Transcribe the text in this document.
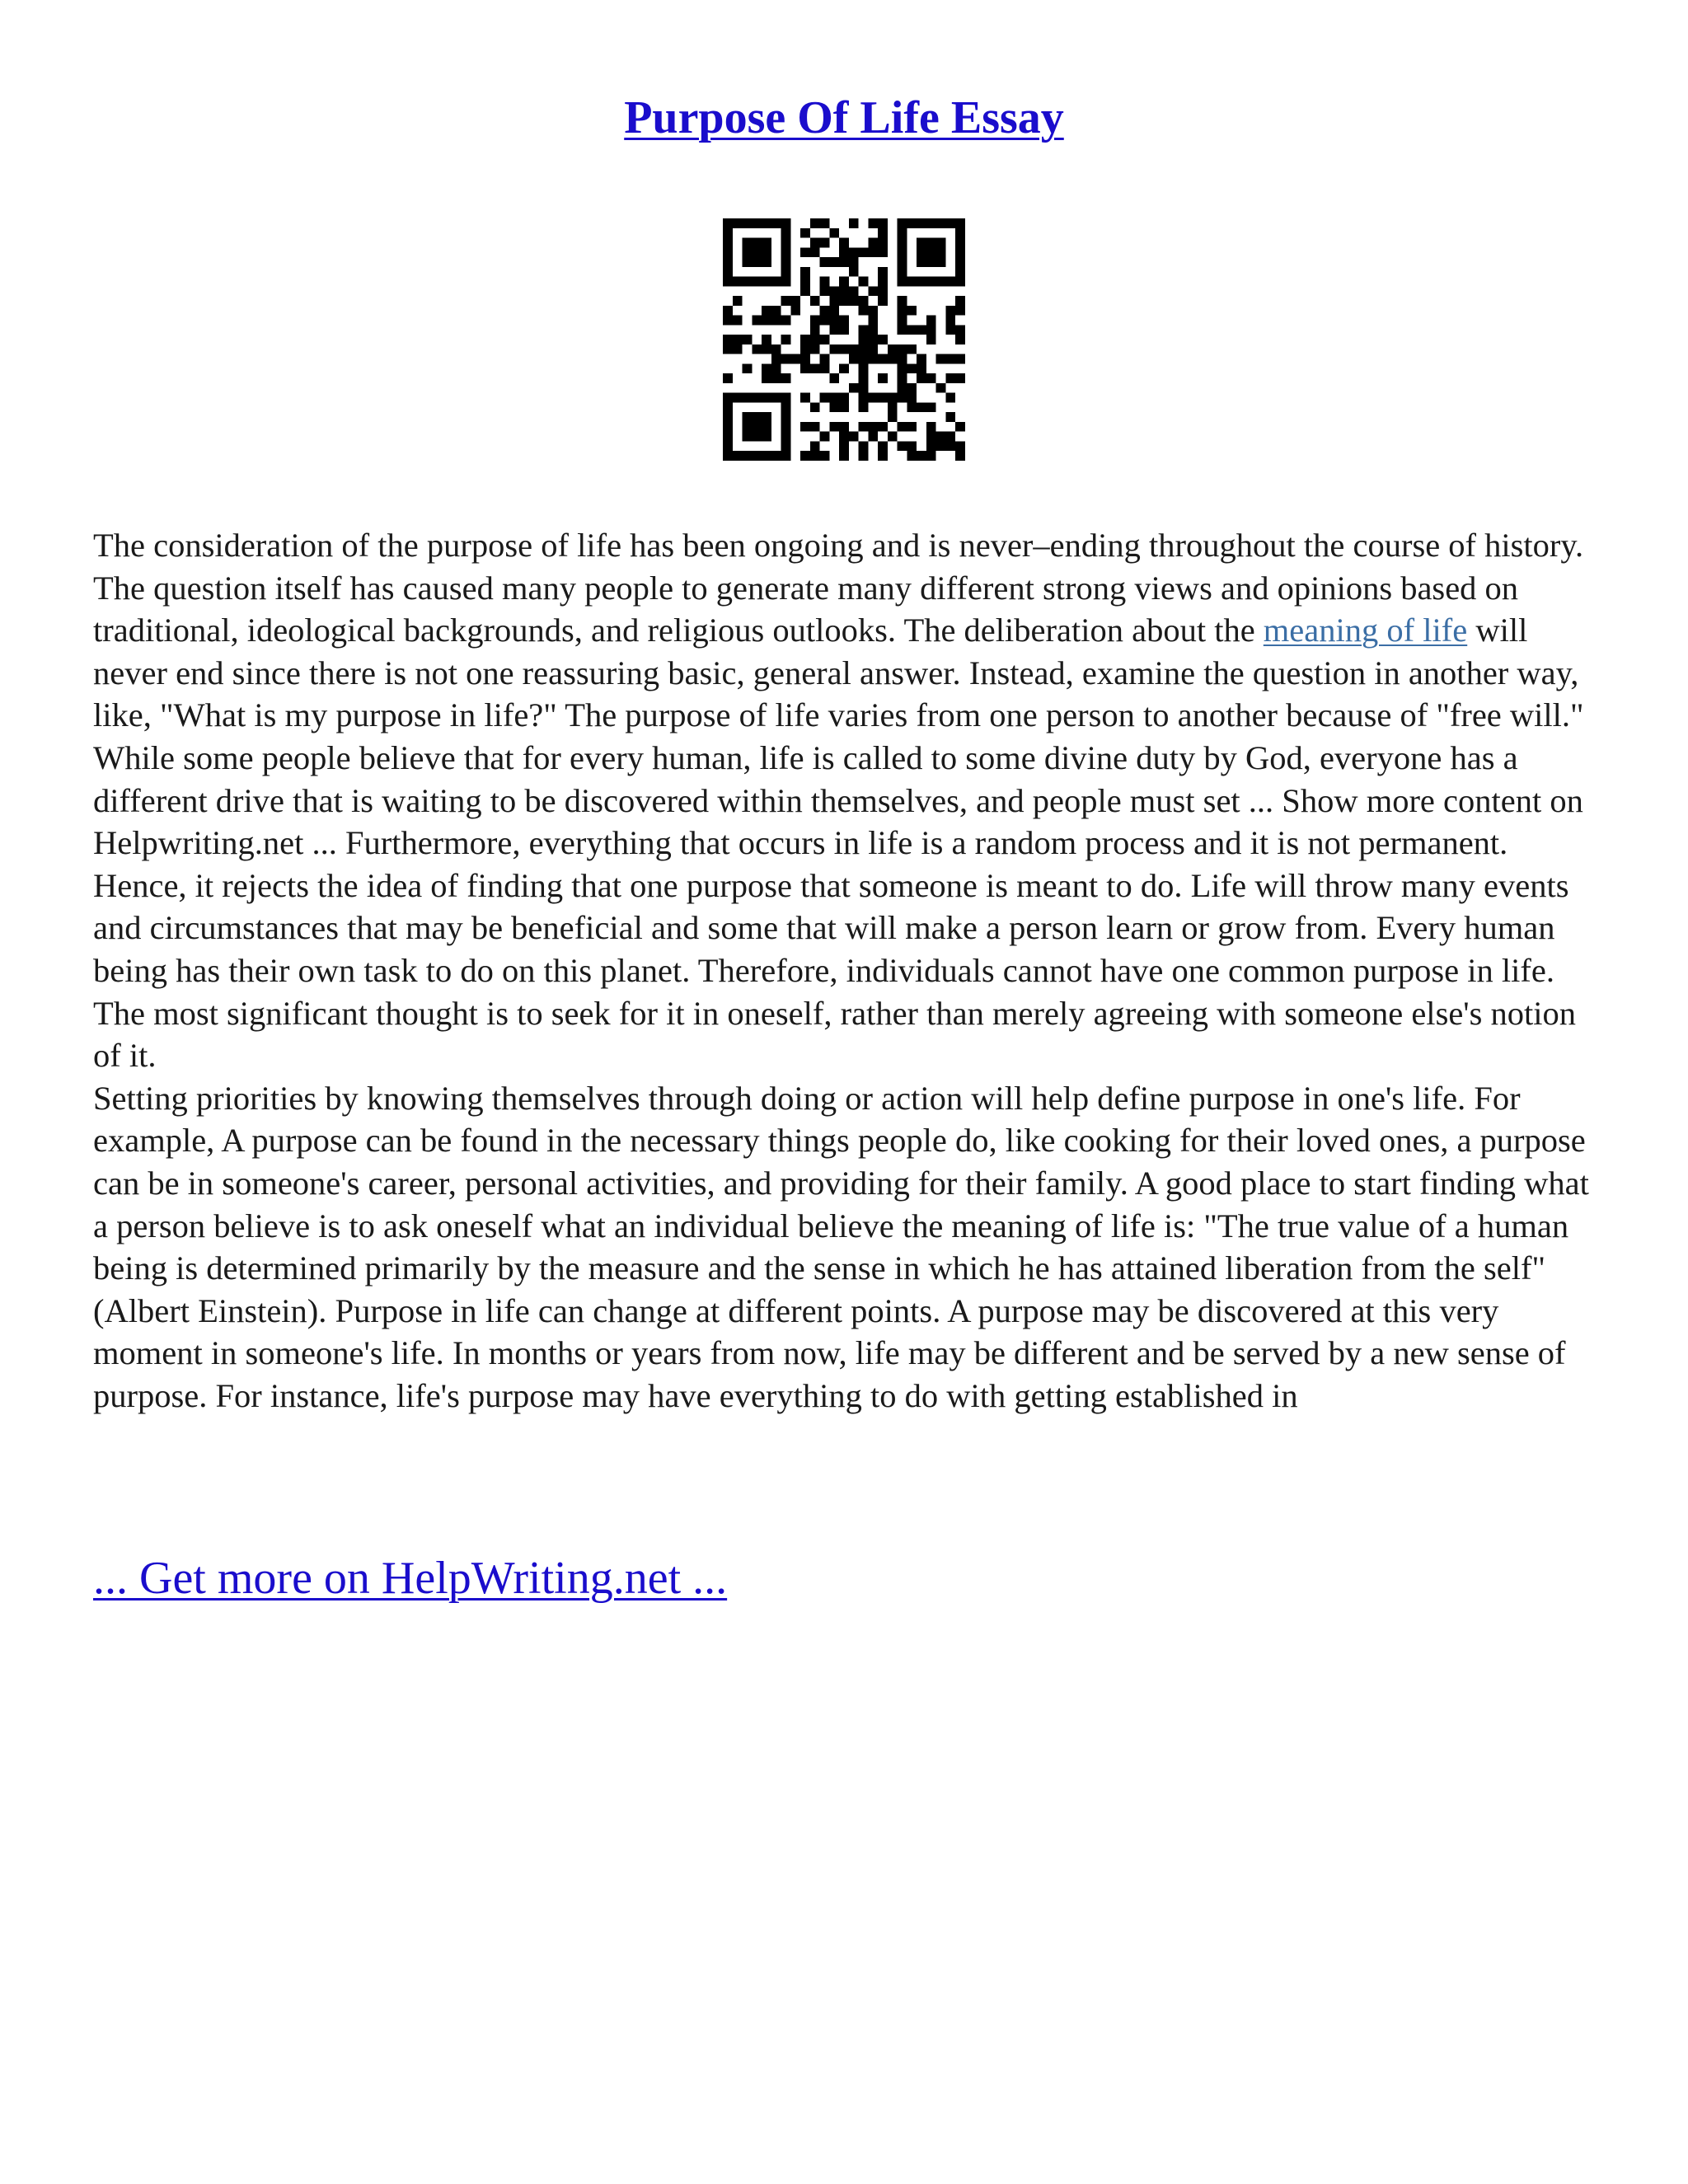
Purpose Of Life Essay

The consideration of the purpose of life has been ongoing and is never–ending throughout the course of history. The question itself has caused many people to generate many different strong views and opinions based on traditional, ideological backgrounds, and religious outlooks. The deliberation about the meaning of life will never end since there is not one reassuring basic, general answer. Instead, examine the question in another way, like, "What is my purpose in life?" The purpose of life varies from one person to another because of "free will." While some people believe that for every human, life is called to some divine duty by God, everyone has a different drive that is waiting to be discovered within themselves, and people must set ... Show more content on Helpwriting.net ... Furthermore, everything that occurs in life is a random process and it is not permanent. Hence, it rejects the idea of finding that one purpose that someone is meant to do. Life will throw many events and circumstances that may be beneficial and some that will make a person learn or grow from. Every human being has their own task to do on this planet. Therefore, individuals cannot have one common purpose in life. The most significant thought is to seek for it in oneself, rather than merely agreeing with someone else's notion of it.

Setting priorities by knowing themselves through doing or action will help define purpose in one's life. For example, A purpose can be found in the necessary things people do, like cooking for their loved ones, a purpose can be in someone's career, personal activities, and providing for their family. A good place to start finding what a person believe is to ask oneself what an individual believe the meaning of life is: "The true value of a human being is determined primarily by the measure and the sense in which he has attained liberation from the self" (Albert Einstein). Purpose in life can change at different points. A purpose may be discovered at this very moment in someone's life. In months or years from now, life may be different and be served by a new sense of purpose. For instance, life's purpose may have everything to do with getting established in

... Get more on HelpWriting.net ...
